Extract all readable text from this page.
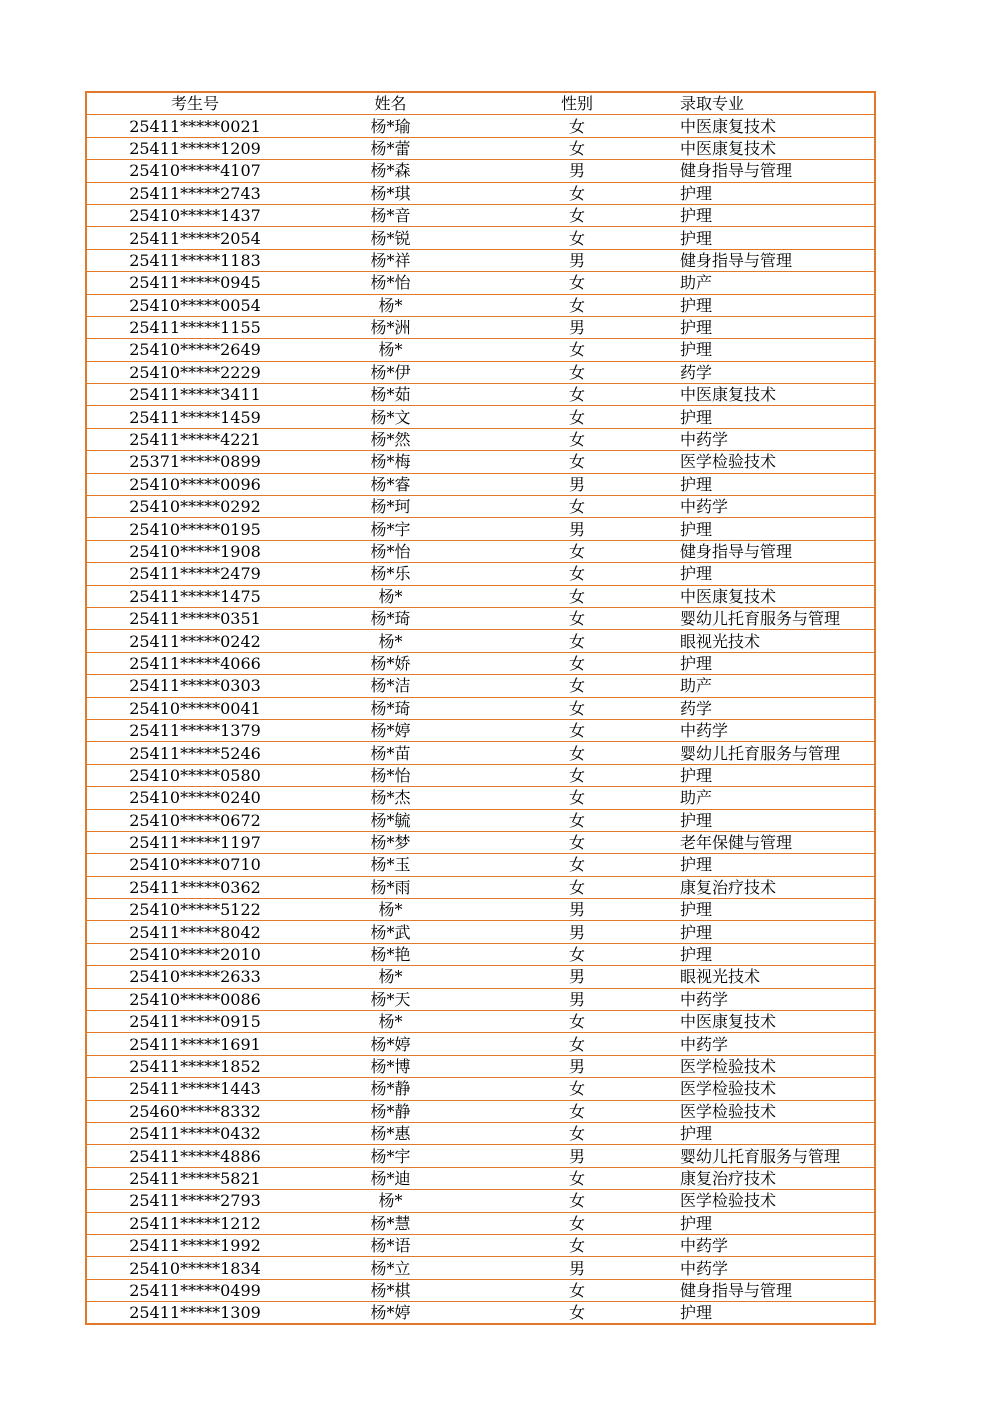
考生号	姓名	性别	录取专业
25411*****0021	杨*瑜	女	中医康复技术
25411*****1209	杨*蕾	女	中医康复技术
25410*****4107	杨*森	男	健身指导与管理
25411*****2743	杨*琪	女	护理
25410*****1437	杨*音	女	护理
25411*****2054	杨*锐	女	护理
25411*****1183	杨*祥	男	健身指导与管理
25411*****0945	杨*怡	女	助产
25410*****0054	杨*	女	护理
25411*****1155	杨*洲	男	护理
25410*****2649	杨*	女	护理
25410*****2229	杨*伊	女	药学
25411*****3411	杨*茹	女	中医康复技术
25411*****1459	杨*文	女	护理
25411*****4221	杨*然	女	中药学
25371*****0899	杨*梅	女	医学检验技术
25410*****0096	杨*睿	男	护理
25410*****0292	杨*珂	女	中药学
25410*****0195	杨*宇	男	护理
25410*****1908	杨*怡	女	健身指导与管理
25411*****2479	杨*乐	女	护理
25411*****1475	杨*	女	中医康复技术
25411*****0351	杨*琦	女	婴幼儿托育服务与管理
25411*****0242	杨*	女	眼视光技术
25411*****4066	杨*娇	女	护理
25411*****0303	杨*洁	女	助产
25410*****0041	杨*琦	女	药学
25411*****1379	杨*婷	女	中药学
25411*****5246	杨*苗	女	婴幼儿托育服务与管理
25410*****0580	杨*怡	女	护理
25410*****0240	杨*杰	女	助产
25410*****0672	杨*毓	女	护理
25411*****1197	杨*梦	女	老年保健与管理
25410*****0710	杨*玉	女	护理
25411*****0362	杨*雨	女	康复治疗技术
25410*****5122	杨*	男	护理
25411*****8042	杨*武	男	护理
25410*****2010	杨*艳	女	护理
25410*****2633	杨*	男	眼视光技术
25410*****0086	杨*天	男	中药学
25411*****0915	杨*	女	中医康复技术
25411*****1691	杨*婷	女	中药学
25411*****1852	杨*博	男	医学检验技术
25411*****1443	杨*静	女	医学检验技术
25460*****8332	杨*静	女	医学检验技术
25411*****0432	杨*惠	女	护理
25411*****4886	杨*宇	男	婴幼儿托育服务与管理
25411*****5821	杨*迪	女	康复治疗技术
25411*****2793	杨*	女	医学检验技术
25411*****1212	杨*慧	女	护理
25411*****1992	杨*语	女	中药学
25410*****1834	杨*立	男	中药学
25411*****0499	杨*棋	女	健身指导与管理
25411*****1309	杨*婷	女	护理
